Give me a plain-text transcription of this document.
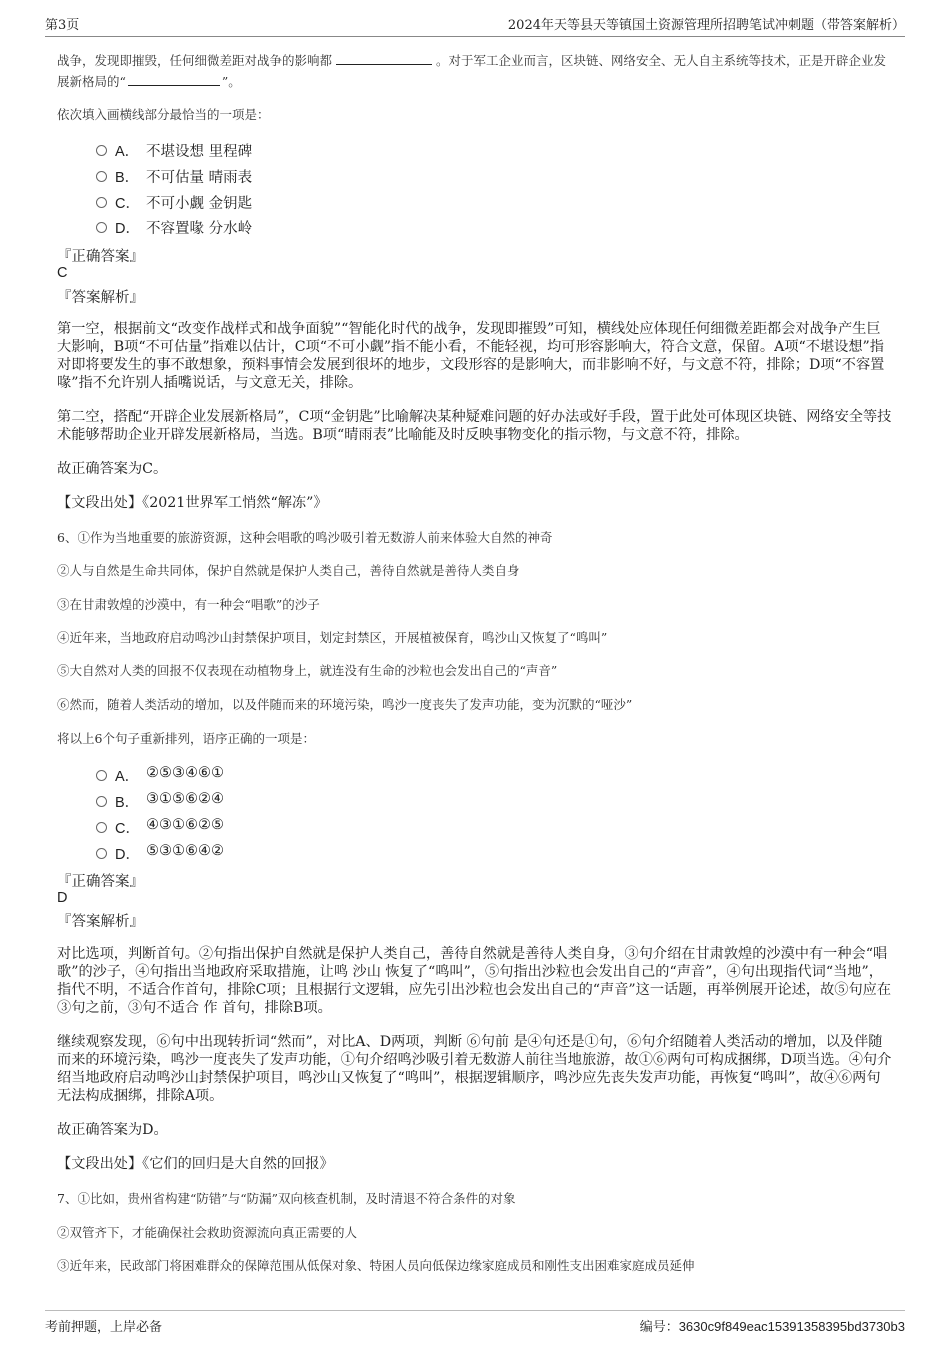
第3页	2024年天等县天等镇国土资源管理所招聘笔试冲刺题（带答案解析）
战争，发现即摧毁，任何细微差距对战争的影响都	。对于军工企业而言，区块链、网络安全、无人自主系统等技术，正是开辟企业发展新格局的“	”。
依次填入画横线部分最恰当的一项是：
A． 不堪设想 里程碑
B． 不可估量 晴雨表
C． 不可小觑 金钥匙
D． 不容置喙 分水岭
『正确答案』
C
『答案解析』
第一空，根据前文“改变作战样式和战争面貌”“智能化时代的战争，发现即摧毁”可知，横线处应体现任何细微差距都会对战争产生巨大影响，B项“不可估量”指难以估计，C项“不可小觑”指不能小看，不能轻视，均可形容影响大，符合文意，保留。A项“不堪设想”指对即将要发生的事不敢想象，预料事情会发展到很坏的地步，文段形容的是影响大，而非影响不好，与文意不符，排除；D项“不容置喙”指不允许别人插嘴说话，与文意无关，排除。
第二空，搭配“开辟企业发展新格局”，C项“金钥匙”比喻解决某种疑难问题的好办法或好手段，置于此处可体现区块链、网络安全等技术能够帮助企业开辟发展新格局，当选。B项“晴雨表”比喻能及时反映事物变化的指示物，与文意不符，排除。
故正确答案为C。
【文段出处】《2021世界军工悄然“解冻”》
6、①作为当地重要的旅游资源，这种会唱歌的鸣沙吸引着无数游人前来体验大自然的神奇
②人与自然是生命共同体，保护自然就是保护人类自己，善待自然就是善待人类自身
③在甘肃敦煌的沙漠中，有一种会“唱歌”的沙子
④近年来，当地政府启动鸣沙山封禁保护项目，划定封禁区，开展植被保育，鸣沙山又恢复了“鸣叫”
⑤大自然对人类的回报不仅表现在动植物身上，就连没有生命的沙粒也会发出自己的“声音”
⑥然而，随着人类活动的增加，以及伴随而来的环境污染，鸣沙一度丧失了发声功能，变为沉默的“哑沙”
将以上6个句子重新排列，语序正确的一项是：
A． ②⑤③④⑥①
B． ③①⑤⑥②④
C． ④③①⑥②⑤
D． ⑤③①⑥④②
『正确答案』
D
『答案解析』
对比选项，判断首句。②句指出保护自然就是保护人类自己，善待自然就是善待人类自身，③句介绍在甘肃敦煌的沙漠中有一种会“唱歌”的沙子，④句指出当地政府采取措施，让鸣 沙山 恢复了“鸣叫”，⑤句指出沙粒也会发出自己的“声音”，④句出现指代词“当地”，指代不明，不适合作首句，排除C项；且根据行文逻辑，应先引出沙粒也会发出自己的“声音”这一话题，再举例展开论述，故⑤句应在③句之前，③句不适合 作 首句，排除B项。
继续观察发现，⑥句中出现转折词“然而”，对比A、D两项，判断 ⑥句前 是④句还是①句，⑥句介绍随着人类活动的增加，以及伴随而来的环境污染，鸣沙一度丧失了发声功能，①句介绍鸣沙吸引着无数游人前往当地旅游，故①⑥两句可构成捆绑，D项当选。④句介绍当地政府启动鸣沙山封禁保护项目，鸣沙山又恢复了“鸣叫”，根据逻辑顺序，鸣沙应先丧失发声功能，再恢复“鸣叫”，故④⑥两句无法构成捆绑，排除A项。
故正确答案为D。
【文段出处】《它们的回归是大自然的回报》
7、①比如，贵州省构建“防错”与“防漏”双向核查机制，及时清退不符合条件的对象
②双管齐下，才能确保社会救助资源流向真正需要的人
③近年来，民政部门将困难群众的保障范围从低保对象、特困人员向低保边缘家庭成员和刚性支出困难家庭成员延伸
考前押题，上岸必备	编号：3630c9f849eac15391358395bd3730b3
